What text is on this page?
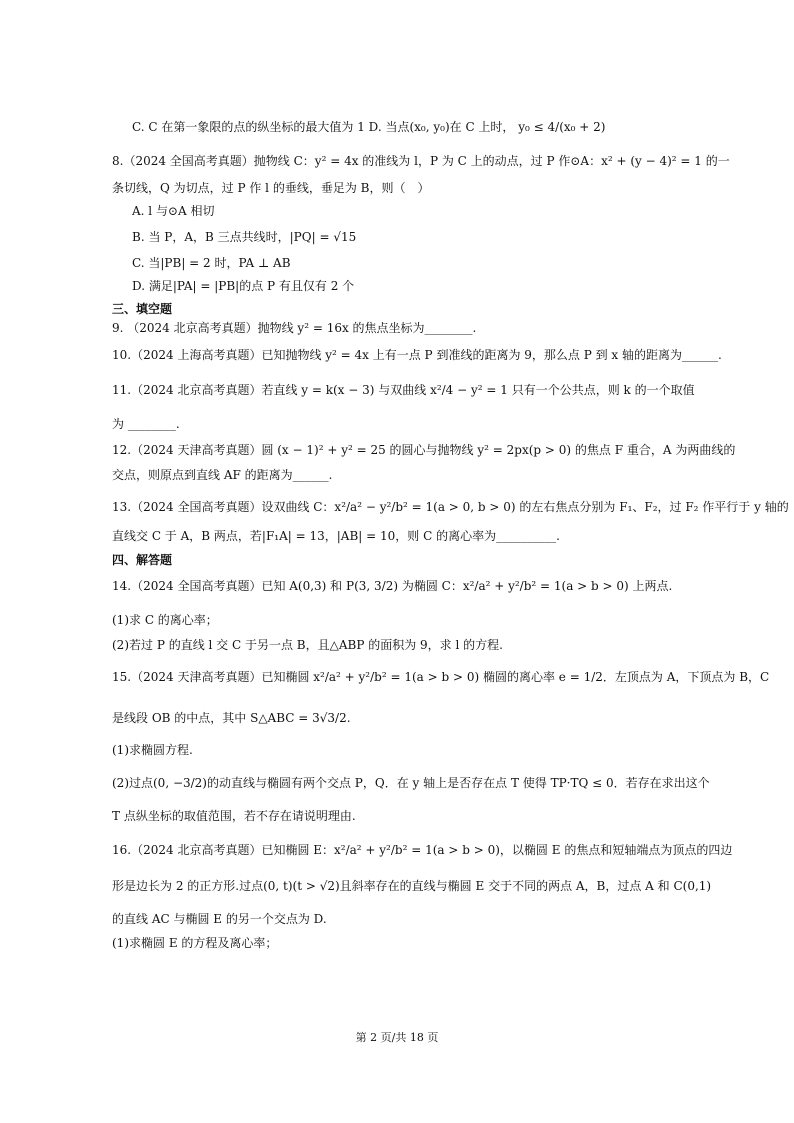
C. C 在第一象限的点的纵坐标的最大值为 1 D. 当点(x₀, y₀)在 C 上时， y₀ ≤ 4/(x₀ + 2)
8.（2024 全国高考真题）抛物线 C：y² = 4x 的准线为 l，P 为 C 上的动点，过 P 作⊙A：x² + (y − 4)² = 1 的一
条切线，Q 为切点，过 P 作 l 的垂线，垂足为 B，则（　）
A. l 与⊙A 相切
B. 当 P，A，B 三点共线时，|PQ| = √15
C. 当|PB| = 2 时，PA ⊥ AB
D. 满足|PA| = |PB|的点 P 有且仅有 2 个
三、填空题
9. （2024 北京高考真题）抛物线 y² = 16x 的焦点坐标为________.
10.（2024 上海高考真题）已知抛物线 y² = 4x 上有一点 P 到准线的距离为 9，那么点 P 到 x 轴的距离为______.
11.（2024 北京高考真题）若直线 y = k(x − 3) 与双曲线 x²/4 − y² = 1 只有一个公共点，则 k 的一个取值
为 ________.
12.（2024 天津高考真题）圆 (x − 1)² + y² = 25 的圆心与抛物线 y² = 2px(p > 0) 的焦点 F 重合，A 为两曲线的
交点，则原点到直线 AF 的距离为______.
13.（2024 全国高考真题）设双曲线 C：x²/a² − y²/b² = 1(a > 0, b > 0) 的左右焦点分别为 F₁、F₂，过 F₂ 作平行于 y 轴的
直线交 C 于 A，B 两点，若|F₁A| = 13，|AB| = 10，则 C 的离心率为__________.
四、解答题
14.（2024 全国高考真题）已知 A(0,3) 和 P(3, 3/2) 为椭圆 C：x²/a² + y²/b² = 1(a > b > 0) 上两点.
(1)求 C 的离心率；
(2)若过 P 的直线 l 交 C 于另一点 B，且△ABP 的面积为 9，求 l 的方程.
15.（2024 天津高考真题）已知椭圆 x²/a² + y²/b² = 1(a > b > 0) 椭圆的离心率 e = 1/2．左顶点为 A，下顶点为 B，C
是线段 OB 的中点，其中 S△ABC = 3√3/2.
(1)求椭圆方程.
(2)过点(0, −3/2)的动直线与椭圆有两个交点 P，Q．在 y 轴上是否存在点 T 使得 TP·TQ ≤ 0．若存在求出这个
T 点纵坐标的取值范围，若不存在请说明理由.
16.（2024 北京高考真题）已知椭圆 E：x²/a² + y²/b² = 1(a > b > 0)，以椭圆 E 的焦点和短轴端点为顶点的四边
形是边长为 2 的正方形.过点(0, t)(t > √2)且斜率存在的直线与椭圆 E 交于不同的两点 A，B，过点 A 和 C(0,1)
的直线 AC 与椭圆 E 的另一个交点为 D.
(1)求椭圆 E 的方程及离心率；
第 2 页/共 18 页
